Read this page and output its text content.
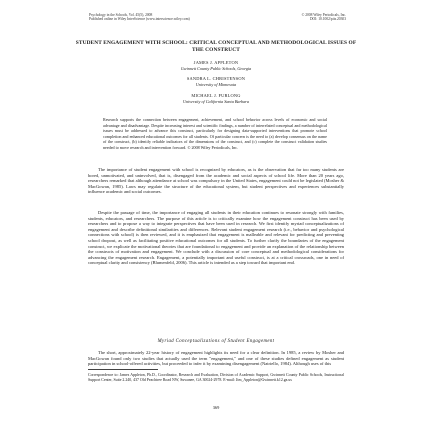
Psychology in the Schools, Vol. 45(5), 2008
Published online in Wiley InterScience (www.interscience.wiley.com)
© 2008 Wiley Periodicals, Inc.
DOI: 10.1002/pits.20303
STUDENT ENGAGEMENT WITH SCHOOL: CRITICAL CONCEPTUAL AND METHODOLOGICAL ISSUES OF THE CONSTRUCT
JAMES J. APPLETON
Gwinnett County Public Schools, Georgia
SANDRA L. CHRISTENSON
University of Minnesota
MICHAEL J. FURLONG
University of California Santa Barbara
Research supports the connection between engagement, achievement, and school behavior across levels of economic and social advantage and disadvantage. Despite increasing interest and scientific findings, a number of interrelated conceptual and methodological issues must be addressed to advance this construct, particularly for designing data-supported interventions that promote school completion and enhanced educational outcomes for all students. Of particular concern is the need to (a) develop consensus on the name of the construct, (b) identify reliable indicators of the dimensions of the construct, and (c) complete the construct validation studies needed to move research and intervention forward. © 2008 Wiley Periodicals, Inc.
The importance of student engagement with school is recognized by educators, as is the observation that far too many students are bored, unmotivated, and uninvolved, that is, disengaged from the academic and social aspects of school life. More than 20 years ago, researchers remarked that although attendance at school was compulsory in the United States, engagement could not be legislated (Mosher & MacGowan, 1985). Laws may regulate the structure of the educational system, but student perspectives and experiences substantially influence academic and social outcomes.
Despite the passage of time, the importance of engaging all students in their education continues to resonate strongly with families, students, educators, and researchers. The purpose of this article is to critically examine how the engagement construct has been used by researchers and to propose a way to integrate perspectives that have been used in research. We first identify myriad conceptualizations of engagement and describe definitional similarities and differences. Relevant student engagement research (i.e., behavior and psychological connections with school) is then reviewed, and it is emphasized that engagement is malleable and relevant for predicting and preventing school dropout, as well as facilitating positive educational outcomes for all students. To further clarify the boundaries of the engagement construct, we explicate the motivational theories that are foundational to engagement and provide an explanation of the relationship between the constructs of motivation and engagement. We conclude with a discussion of core conceptual and methodological considerations for advancing the engagement research. Engagement, a potentially important and useful construct, is at a critical crossroads, one in need of conceptual clarity and consistency (Blumenfeld, 2006). This article is intended as a step toward that important end.
Myriad Conceptualizations of Student Engagement
The short, approximately 22-year history of engagement highlights its need for a clear definition. In 1985, a review by Mosher and MacGowan found only two studies that actually used the term "engagement," and one of these studies defined engagement as student participation in school-offered activities, but proceeded to infer it by examining disengagement (Natriello, 1984). Although uses of this
Correspondence to: James Appleton, Ph.D., Coordinator, Research and Evaluation, Division of Academic Support, Gwinnett County Public Schools, Instructional Support Center, Suite 2.240, 437 Old Peachtree Road NW, Suwanee, GA 30024-2978. E-mail: Jim_Appleton@Gwinnett.k12.ga.us
369
